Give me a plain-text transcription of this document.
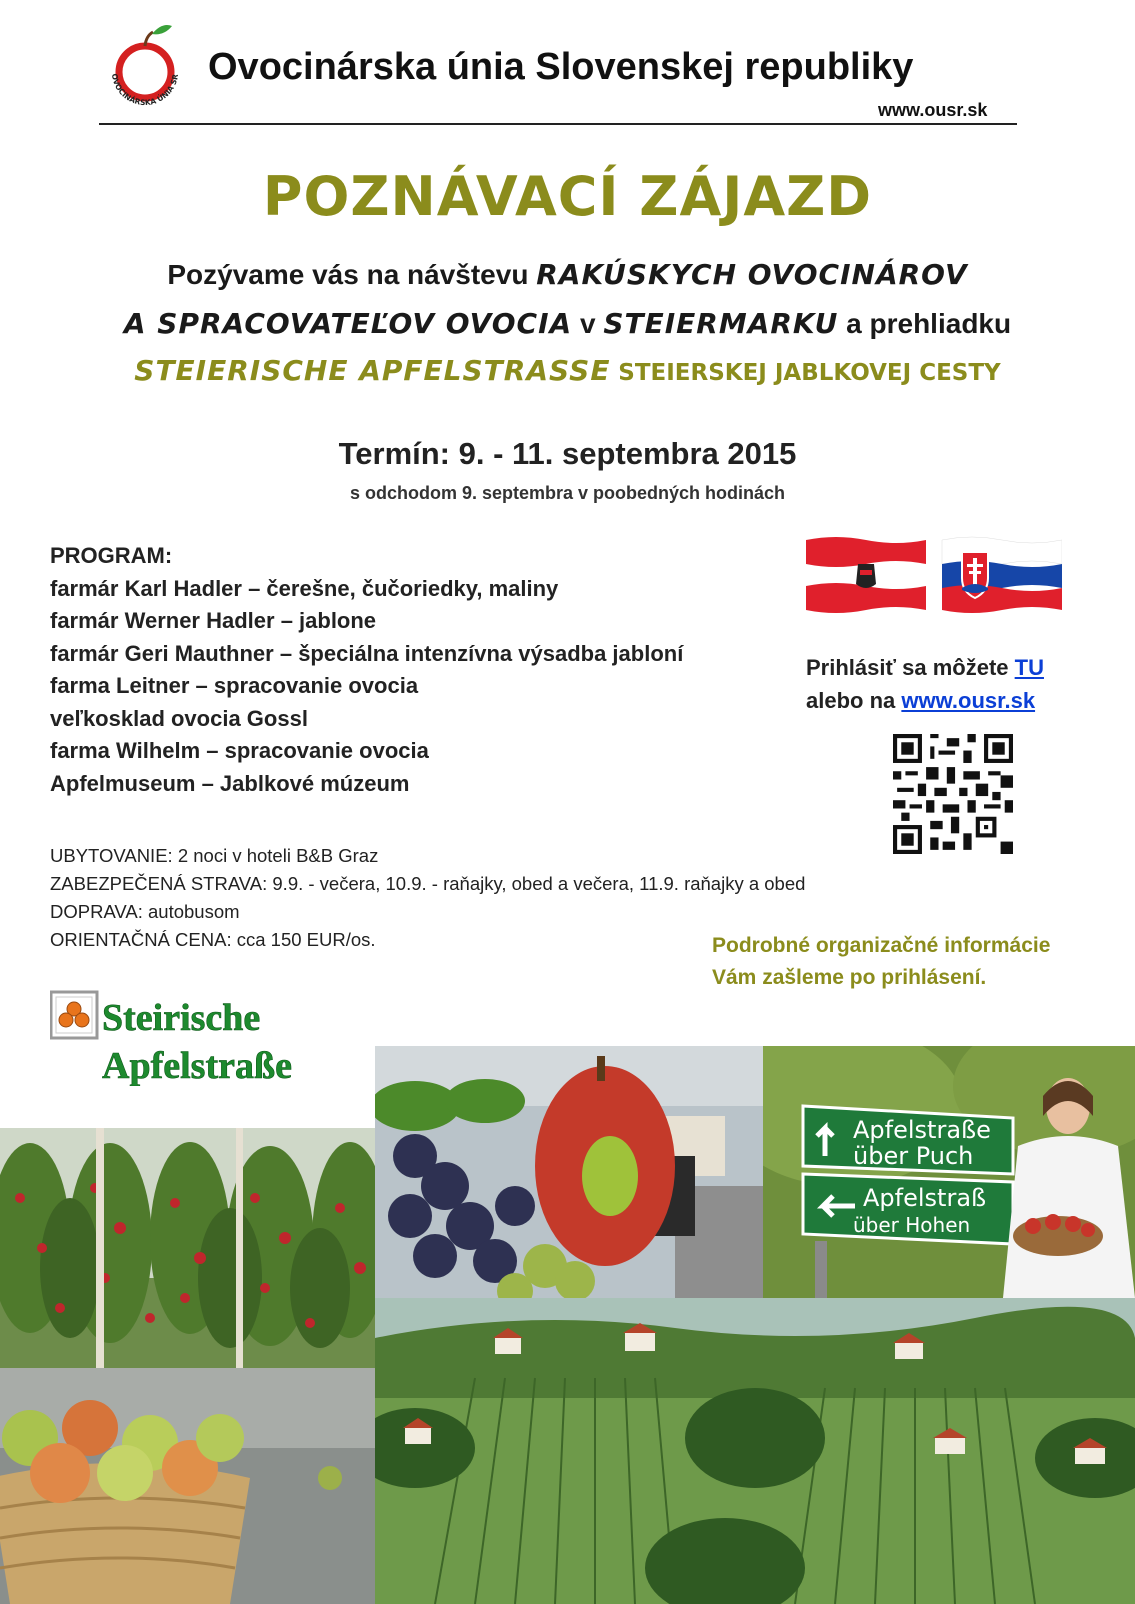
OVOCINÁRSKA ÚNIA SR Ovocinárska únia Slovenskej republiky
www.ousr.sk
POZNÁVACÍ ZÁJAZD
Pozývame vás na návštevu RAKÚSKYCH OVOCINÁROV
A SPRACOVATEĽOV OVOCIA v STEIERMARKU a prehliadku
STEIERISCHE APFELSTRASSE STEIERSKEJ JABLKOVEJ CESTY
Termín: 9. - 11. septembra 2015
s odchodom 9. septembra v poobedných hodinách
PROGRAM:
farmár Karl Hadler – čerešne, čučoriedky, maliny
farmár Werner Hadler – jablone
farmár Geri Mauthner – špeciálna intenzívna výsadba jabloní
farma Leitner – spracovanie ovocia
veľkosklad ovocia Gossl
farma Wilhelm – spracovanie ovocia
Apfelmuseum – Jablkové múzeum
Prihlásiť sa môžete TU
alebo na www.ousr.sk
UBYTOVANIE: 2 noci v hoteli B&B Graz
ZABEZPEČENÁ STRAVA: 9.9. - večera, 10.9. - raňajky, obed a večera, 11.9. raňajky a obed
DOPRAVA: autobusom
ORIENTAČNÁ CENA: cca 150 EUR/os.	Podrobné organizačné informácie
Vám zašleme po prihlásení.
Steirische
Apfelstraße
Apfelstraße
über Puch
Apfelstraß
über Hohen
